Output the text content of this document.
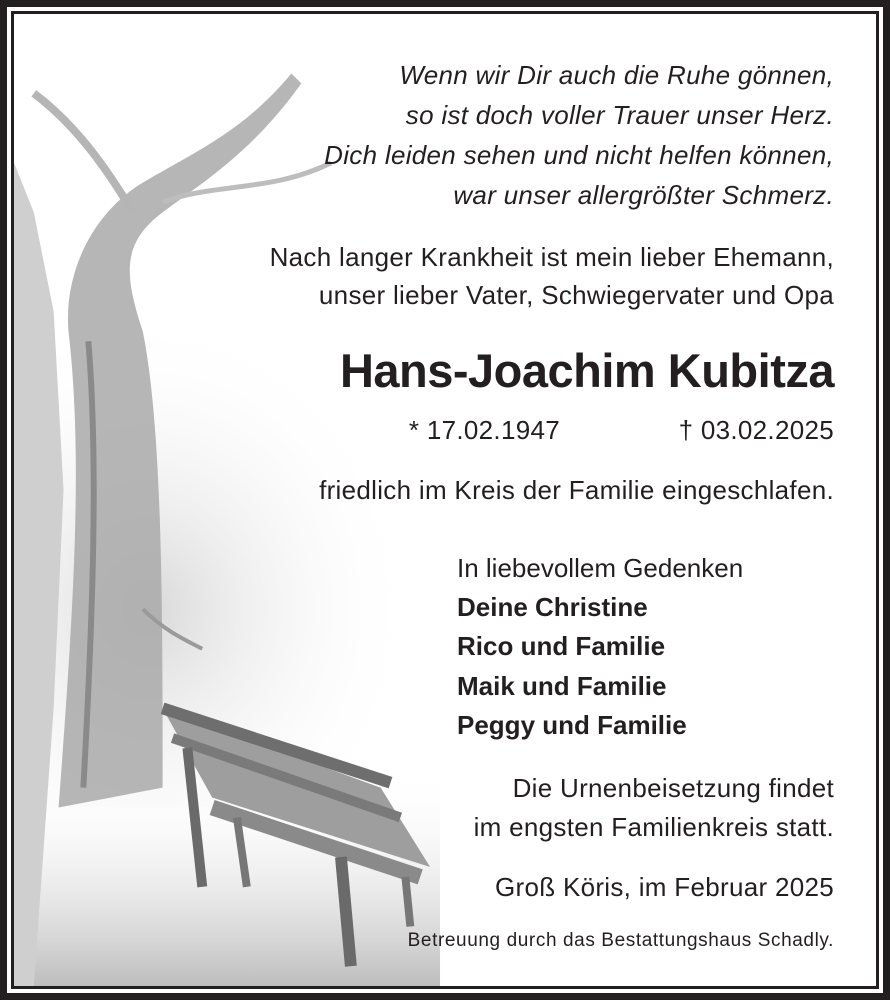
Wenn wir Dir auch die Ruhe gönnen,
so ist doch voller Trauer unser Herz.
Dich leiden sehen und nicht helfen können,
war unser allergrößter Schmerz.
Nach langer Krankheit ist mein lieber Ehemann,
unser lieber Vater, Schwiegervater und Opa
Hans-Joachim Kubitza
* 17.02.1947	† 03.02.2025
friedlich im Kreis der Familie eingeschlafen.
In liebevollem Gedenken
Deine Christine
Rico und Familie
Maik und Familie
Peggy und Familie
Die Urnenbeisetzung findet
im engsten Familienkreis statt.
Groß Köris, im Februar 2025
Betreuung durch das Bestattungshaus Schadly.
